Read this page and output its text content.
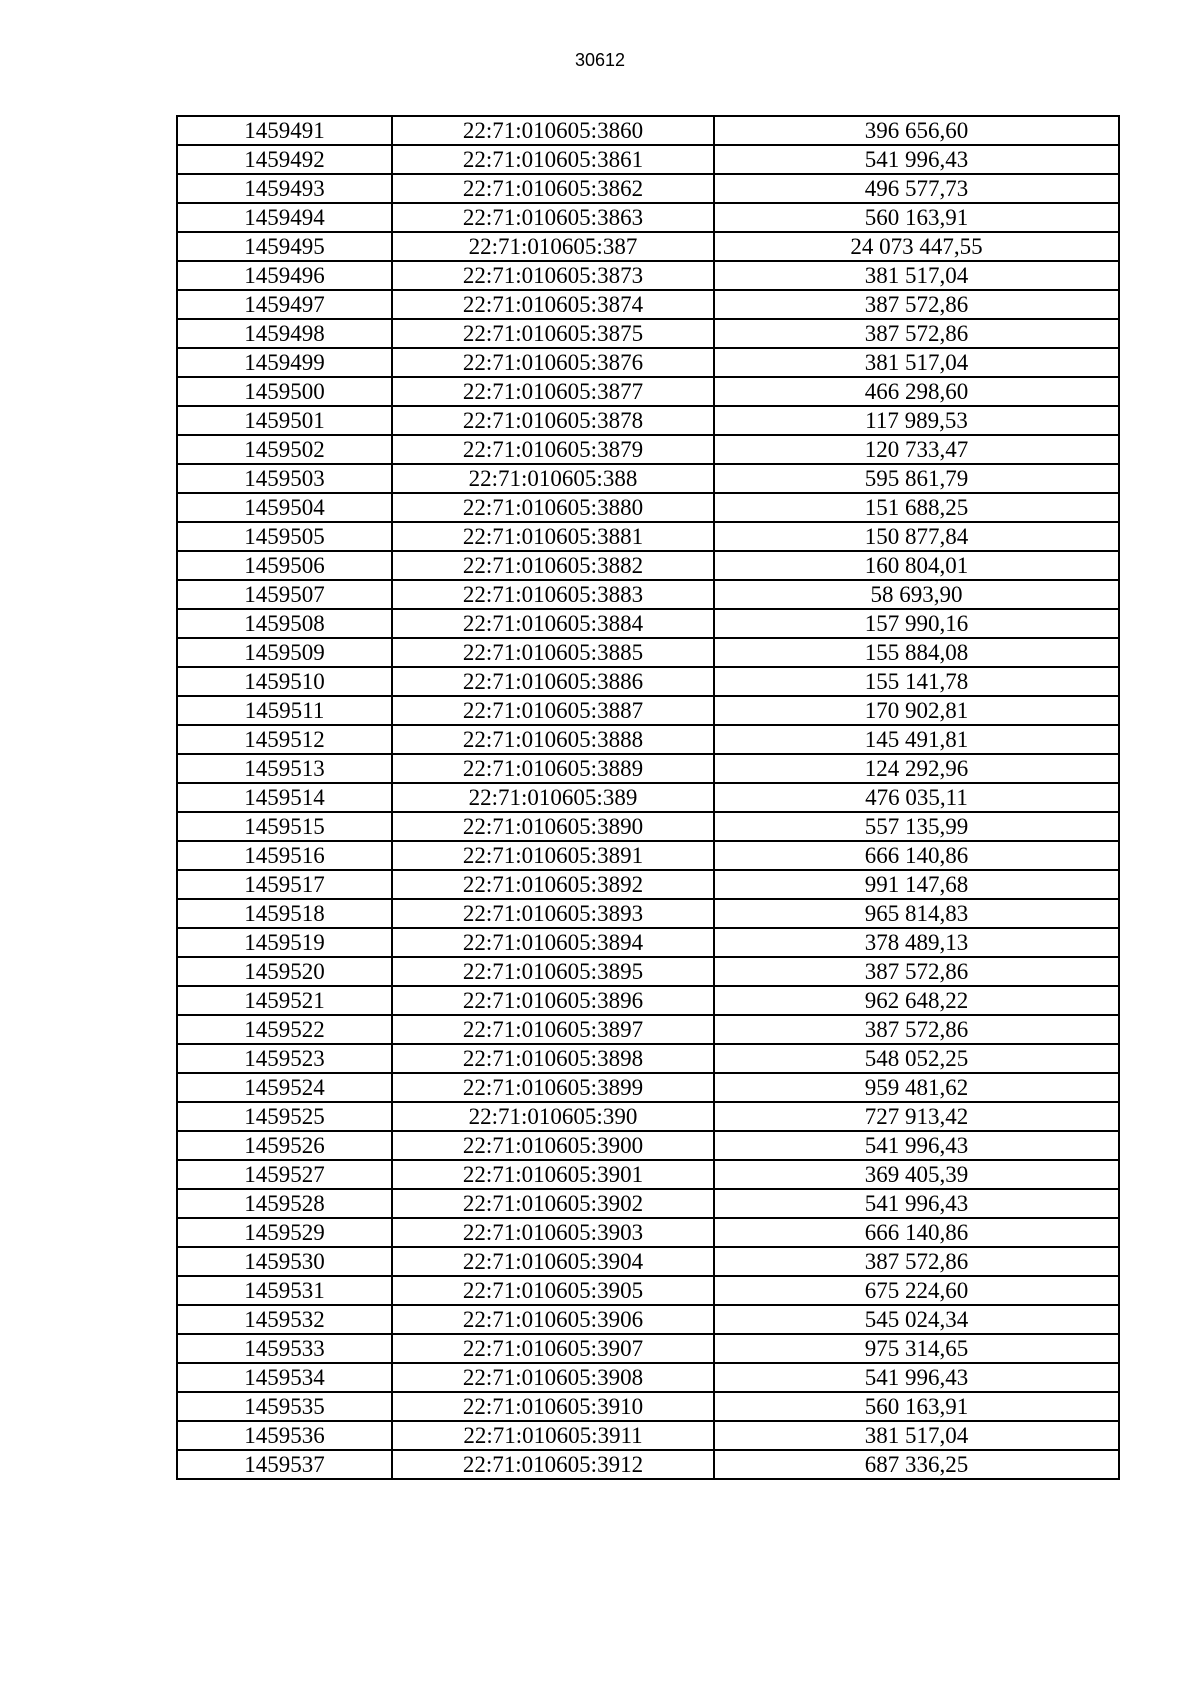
30612
1459491	22:71:010605:3860	396 656,60
1459492	22:71:010605:3861	541 996,43
1459493	22:71:010605:3862	496 577,73
1459494	22:71:010605:3863	560 163,91
1459495	22:71:010605:387	24 073 447,55
1459496	22:71:010605:3873	381 517,04
1459497	22:71:010605:3874	387 572,86
1459498	22:71:010605:3875	387 572,86
1459499	22:71:010605:3876	381 517,04
1459500	22:71:010605:3877	466 298,60
1459501	22:71:010605:3878	117 989,53
1459502	22:71:010605:3879	120 733,47
1459503	22:71:010605:388	595 861,79
1459504	22:71:010605:3880	151 688,25
1459505	22:71:010605:3881	150 877,84
1459506	22:71:010605:3882	160 804,01
1459507	22:71:010605:3883	58 693,90
1459508	22:71:010605:3884	157 990,16
1459509	22:71:010605:3885	155 884,08
1459510	22:71:010605:3886	155 141,78
1459511	22:71:010605:3887	170 902,81
1459512	22:71:010605:3888	145 491,81
1459513	22:71:010605:3889	124 292,96
1459514	22:71:010605:389	476 035,11
1459515	22:71:010605:3890	557 135,99
1459516	22:71:010605:3891	666 140,86
1459517	22:71:010605:3892	991 147,68
1459518	22:71:010605:3893	965 814,83
1459519	22:71:010605:3894	378 489,13
1459520	22:71:010605:3895	387 572,86
1459521	22:71:010605:3896	962 648,22
1459522	22:71:010605:3897	387 572,86
1459523	22:71:010605:3898	548 052,25
1459524	22:71:010605:3899	959 481,62
1459525	22:71:010605:390	727 913,42
1459526	22:71:010605:3900	541 996,43
1459527	22:71:010605:3901	369 405,39
1459528	22:71:010605:3902	541 996,43
1459529	22:71:010605:3903	666 140,86
1459530	22:71:010605:3904	387 572,86
1459531	22:71:010605:3905	675 224,60
1459532	22:71:010605:3906	545 024,34
1459533	22:71:010605:3907	975 314,65
1459534	22:71:010605:3908	541 996,43
1459535	22:71:010605:3910	560 163,91
1459536	22:71:010605:3911	381 517,04
1459537	22:71:010605:3912	687 336,25
